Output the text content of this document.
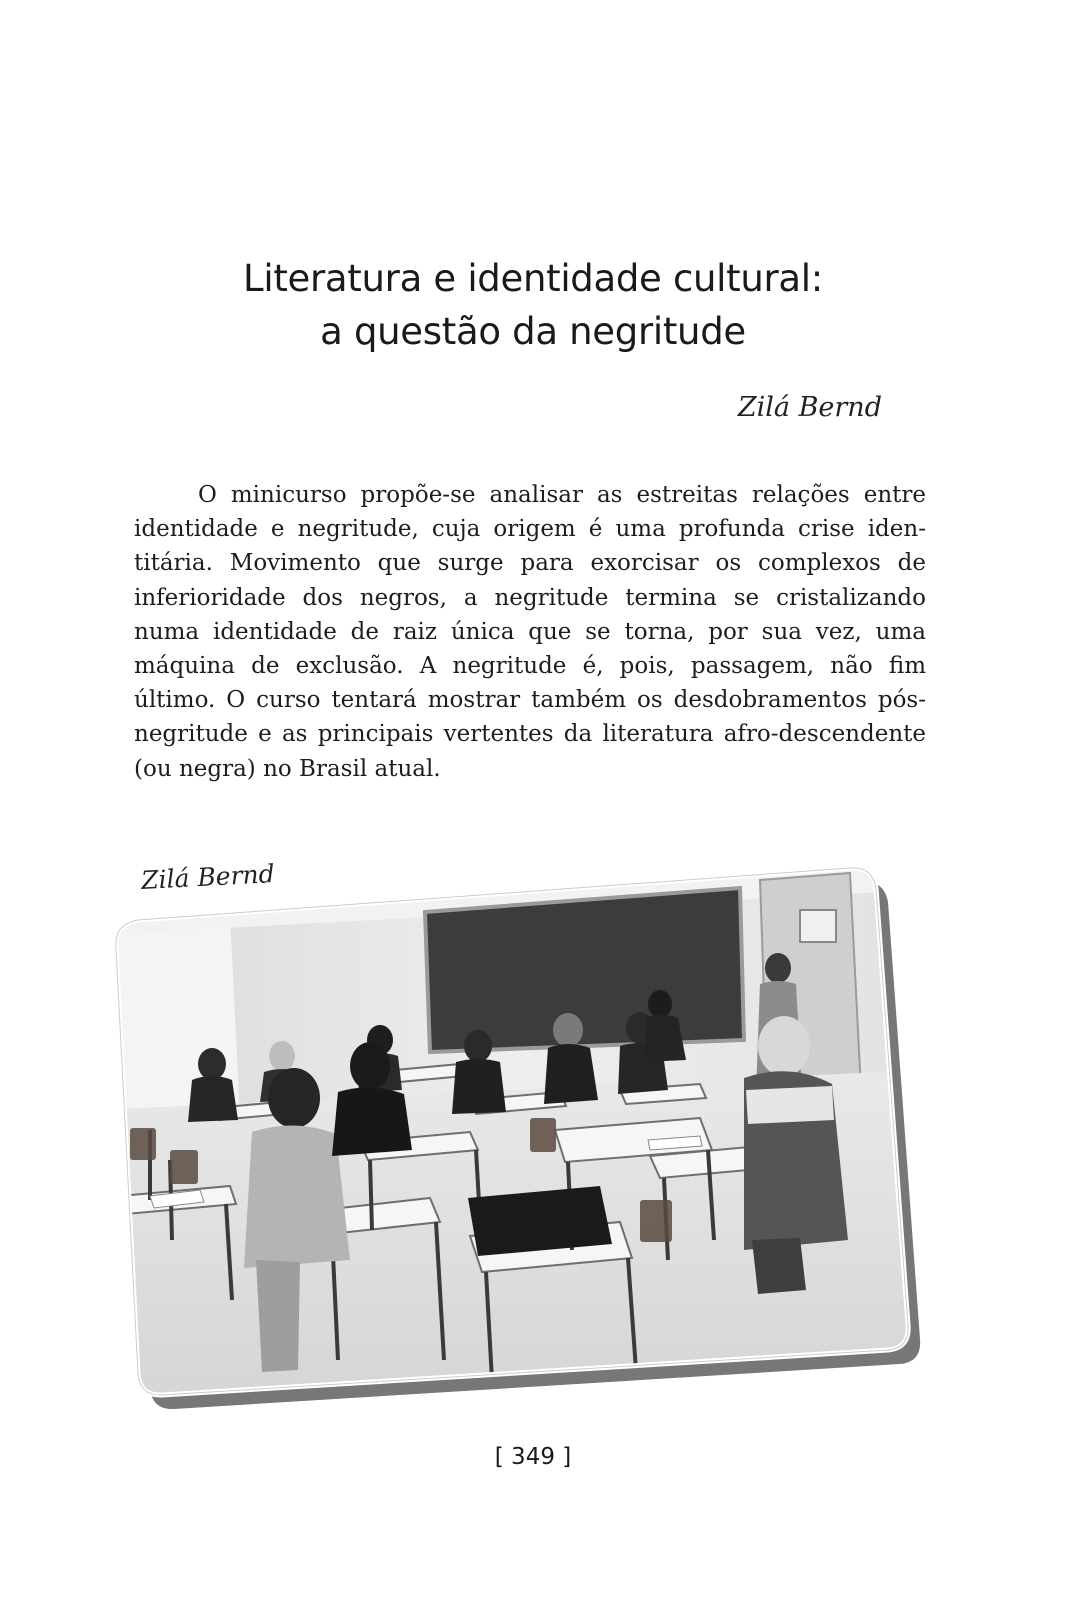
Literatura e identidade cultural:
a questão da negritude
Zilá Bernd

O minicurso propõe-se analisar as estreitas relações entre identidade e negritude, cuja origem é uma profunda crise identitária. Movimento que surge para exorcisar os complexos de inferioridade dos negros, a negritude termina se cristalizando numa identidade de raiz única que se torna, por sua vez, uma máquina de exclusão. A negritude é, pois, passagem, não fim último. O curso tentará mostrar também os desdobramentos pós-negritude e as principais vertentes da literatura afro-descendente (ou negra) no Brasil atual.

Zilá Bernd
[ 349 ]
